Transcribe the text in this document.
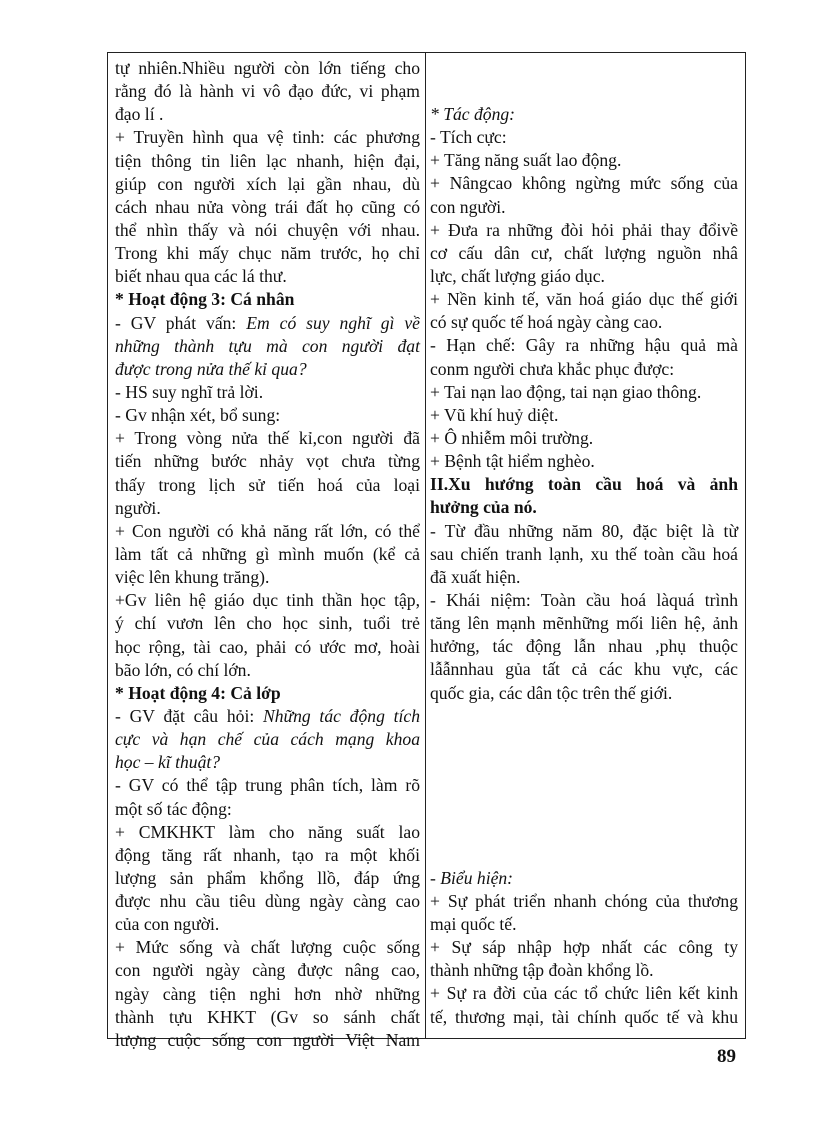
tự nhiên.Nhiều người còn lớn tiếng cho
rằng đó là hành vi vô đạo đức, vi phạm
đạo lí .
+ Truyền hình qua vệ tinh: các phương
tiện thông tin liên lạc nhanh, hiện đại,
giúp con người xích lại gần nhau, dù
cách nhau nửa vòng trái đất họ cũng có
thể nhìn thấy và nói chuyện với nhau.
Trong khi mấy chục năm trước, họ chỉ
biết nhau qua các lá thư.
* Hoạt động 3: Cá nhân
- GV phát vấn: Em có suy nghĩ gì về
những thành tựu mà con người đạt
được trong nửa thế kỉ qua?
- HS suy nghĩ trả lời.
- Gv nhận xét, bổ sung:
+ Trong vòng nửa thế kỉ,con người đã
tiến những bước nhảy vọt chưa từng
thấy trong lịch sử tiến hoá của loại
người.
+ Con người có khả năng rất lớn, có thể
làm tất cả những gì mình muốn (kể cả
việc lên khung trăng).
+Gv liên hệ giáo dục tinh thần học tập,
ý chí vươn lên cho học sinh, tuổi trẻ
học rộng, tài cao, phải có ước mơ, hoài
bão lớn, có chí lớn.
* Hoạt động 4: Cả lớp
- GV đặt câu hỏi: Những tác động tích
cực và hạn chế của cách mạng khoa
học – kĩ thuật?
- GV có thể tập trung phân tích, làm rõ
một số tác động:
+ CMKHKT làm cho năng suất lao
động tăng rất nhanh, tạo ra một khối
lượng sản phẩm khổng llồ, đáp ứng
được nhu cầu tiêu dùng ngày càng cao
của con người.
+ Mức sống và chất lượng cuộc sống
con người ngày càng được nâng cao,
ngày càng tiện nghi hơn nhờ những
thành tựu KHKT (Gv so sánh chất
lượng cuộc sống con người Việt Nam
* Tác động:
- Tích cực:
+ Tăng năng suất lao động.
+ Nângcao không ngừng mức sống của
con người.
+ Đưa ra những đòi hỏi phải thay đổivề
cơ cấu dân cư, chất lượng nguồn nhâ
lực, chất lượng giáo dục.
+ Nền kinh tế, văn hoá giáo dục thế giới
có sự quốc tế hoá ngày càng cao.
- Hạn chế: Gây ra những hậu quả mà
conm người chưa khắc phục được:
+ Tai nạn lao động, tai nạn giao thông.
+ Vũ khí huỷ diệt.
+ Ô nhiễm môi trường.
+ Bệnh tật hiểm nghèo.
II.Xu hướng toàn cầu hoá và ảnh
hưởng của nó.
- Từ đầu những năm 80, đặc biệt là từ
sau chiến tranh lạnh, xu thế toàn cầu hoá
đã xuất hiện.
- Khái niệm: Toàn cầu hoá làquá trình
tăng lên mạnh mẽnhững mối liên hệ, ảnh
hưởng, tác động lẫn nhau ,phụ thuộc
lẫẫnnhau gủa tất cả các khu vực, các
quốc gia, các dân tộc trên thế giới.
- Biểu hiện:
+ Sự phát triển nhanh chóng của thương
mại quốc tế.
+ Sự sáp nhập hợp nhất các công ty
thành những tập đoàn khổng lồ.
+ Sự ra đời của các tổ chức liên kết kinh
tế, thương mại, tài chính quốc tế và khu
89
